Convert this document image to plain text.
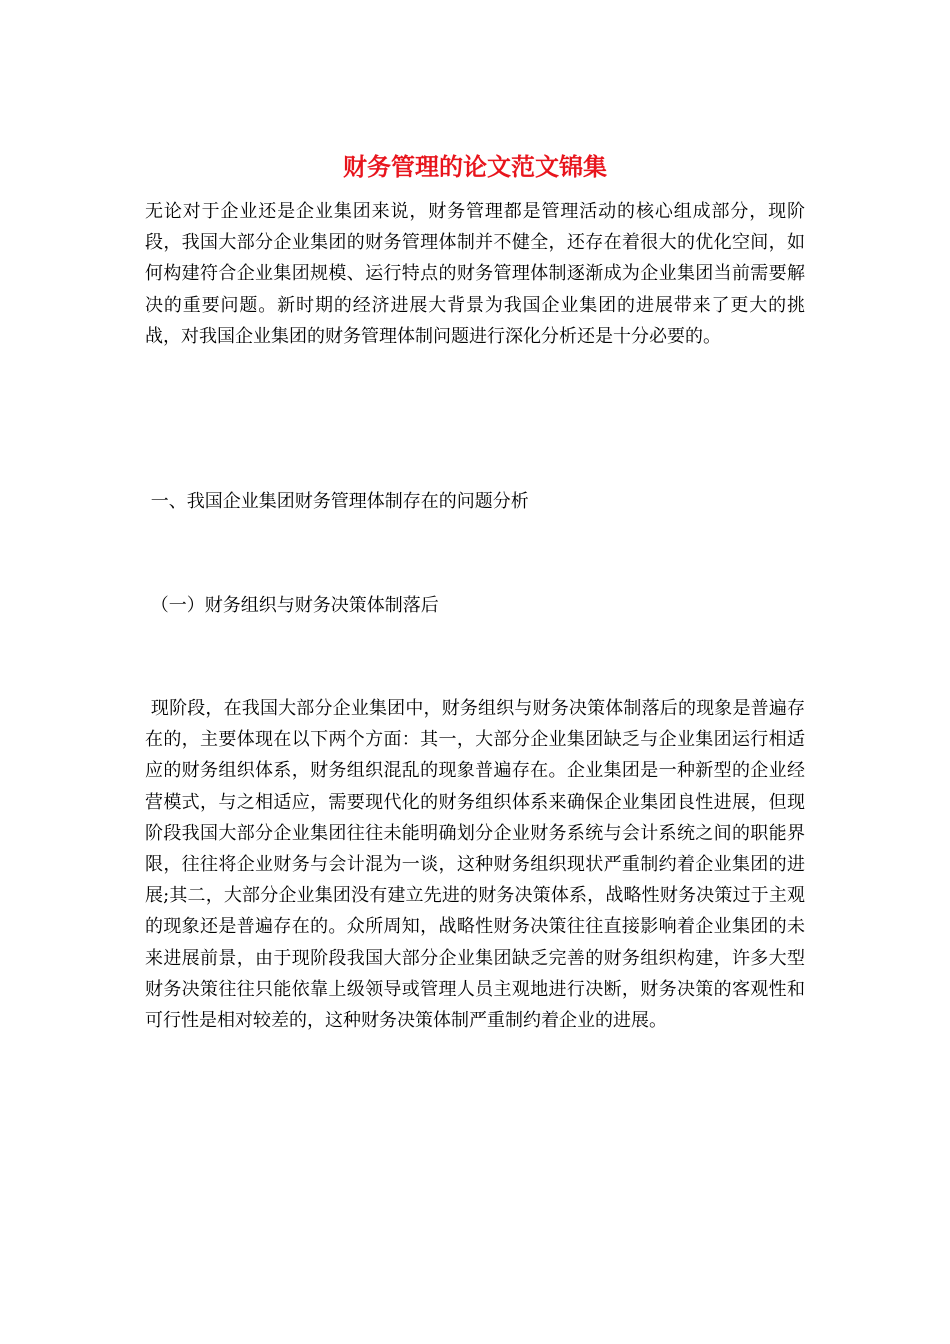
财务管理的论文范文锦集

无论对于企业还是企业集团来说，财务管理都是管理活动的核心组成部分，现阶段，我国大部分企业集团的财务管理体制并不健全，还存在着很大的优化空间，如何构建符合企业集团规模、运行特点的财务管理体制逐渐成为企业集团当前需要解决的重要问题。新时期的经济进展大背景为我国企业集团的进展带来了更大的挑战，对我国企业集团的财务管理体制问题进行深化分析还是十分必要的。

一、我国企业集团财务管理体制存在的问题分析

（一）财务组织与财务决策体制落后

现阶段，在我国大部分企业集团中，财务组织与财务决策体制落后的现象是普遍存在的，主要体现在以下两个方面：其一，大部分企业集团缺乏与企业集团运行相适应的财务组织体系，财务组织混乱的现象普遍存在。企业集团是一种新型的企业经营模式，与之相适应，需要现代化的财务组织体系来确保企业集团良性进展，但现阶段我国大部分企业集团往往未能明确划分企业财务系统与会计系统之间的职能界限，往往将企业财务与会计混为一谈，这种财务组织现状严重制约着企业集团的进展;其二，大部分企业集团没有建立先进的财务决策体系，战略性财务决策过于主观的现象还是普遍存在的。众所周知，战略性财务决策往往直接影响着企业集团的未来进展前景，由于现阶段我国大部分企业集团缺乏完善的财务组织构建，许多大型财务决策往往只能依靠上级领导或管理人员主观地进行决断，财务决策的客观性和可行性是相对较差的，这种财务决策体制严重制约着企业的进展。
